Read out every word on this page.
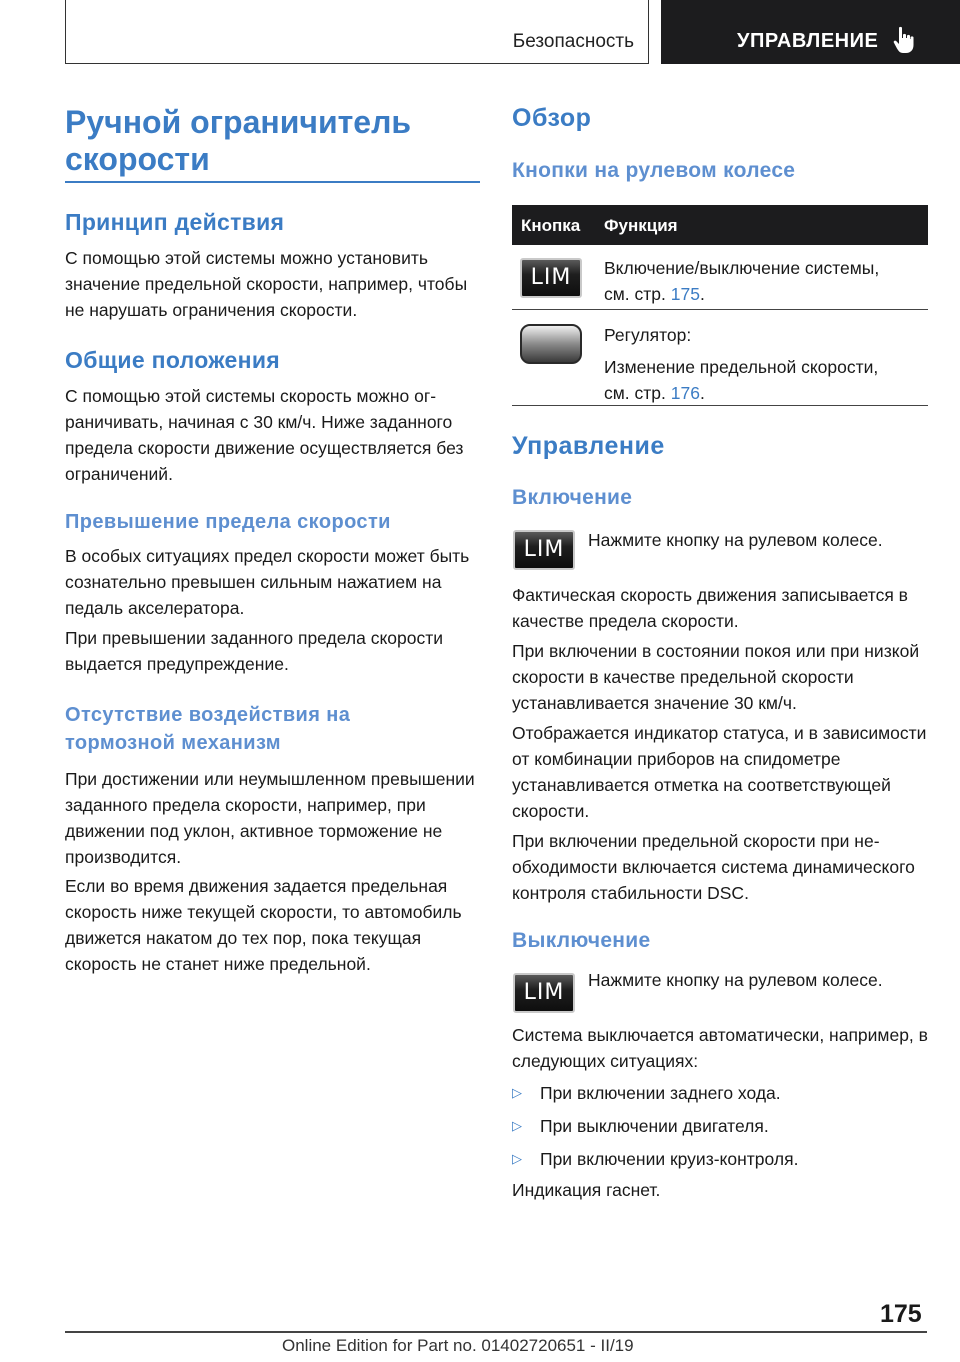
Безопасность	УПРАВЛЕНИЕ
Ручной ограничитель скорости
Принцип действия

С помощью этой системы можно установить значение предельной скорости, например, чтобы не нарушать ограничения скорости.

Общие положения

С помощью этой системы скорость можно ограничивать, начиная с 30 км/ч. Ниже заданного предела скорости движение осуществляется без ограничений.

Превышение предела скорости

В особых ситуациях предел скорости может быть сознательно превышен сильным нажатием на педаль акселератора.

При превышении заданного предела скорости выдается предупреждение.

Отсутствие воздействия на тормозной механизм

При достижении или неумышленном превышении заданного предела скорости, например, при движении под уклон, активное торможение не производится.

Если во время движения задается предельная скорость ниже текущей скорости, то автомобиль движется накатом до тех пор, пока текущая скорость не станет ниже предельной.

Обзор
Кнопки на рулевом колесе
Кнопка Функция
LIM	Включение/выключение системы,
см. стр. 175.
Регулятор:
Изменение предельной скорости,
см. стр. 176.
Управление
Включение
LIM	Нажмите кнопку на рулевом колесе.

Фактическая скорость движения записывается в качестве предела скорости.

При включении в состоянии покоя или при низкой скорости в качестве предельной скорости устанавливается значение 30 км/ч.

Отображается индикатор статуса, и в зависимости от комбинации приборов на спидометре устанавливается отметка на соответствующей скорости.

При включении предельной скорости при необходимости включается система динамического контроля стабильности DSC.

Выключение
LIM	Нажмите кнопку на рулевом колесе.

Система выключается автоматически, например, в следующих ситуациях:

▷ При включении заднего хода.
▷ При выключении двигателя.
▷ При включении круиз-контроля.

Индикация гаснет.

175
Online Edition for Part no. 01402720651 - II/19
